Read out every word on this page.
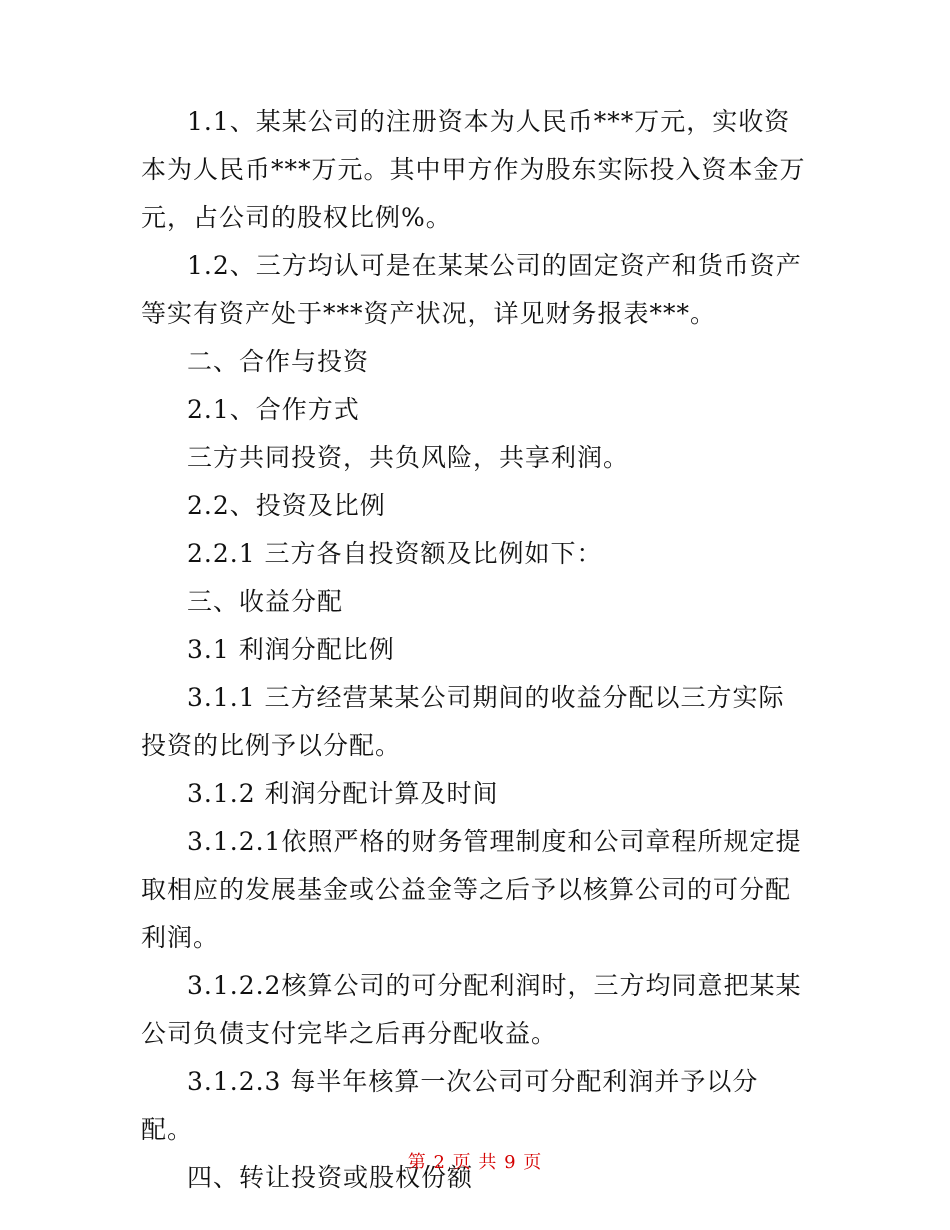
1.1、某某公司的注册资本为人民币***万元，实收资本为人民币***万元。其中甲方作为股东实际投入资本金万元，占公司的股权比例%。

1.2、三方均认可是在某某公司的固定资产和货币资产等实有资产处于***资产状况，详见财务报表***。

二、合作与投资

2.1、合作方式

三方共同投资，共负风险，共享利润。

2.2、投资及比例

2.2.1 三方各自投资额及比例如下：

三、收益分配

3.1 利润分配比例

3.1.1 三方经营某某公司期间的收益分配以三方实际投资的比例予以分配。

3.1.2 利润分配计算及时间

3.1.2.1依照严格的财务管理制度和公司章程所规定提取相应的发展基金或公益金等之后予以核算公司的可分配利润。

3.1.2.2核算公司的可分配利润时，三方均同意把某某公司负债支付完毕之后再分配收益。

3.1.2.3 每半年核算一次公司可分配利润并予以分配。

四、转让投资或股权份额

第 2 页 共 9 页
